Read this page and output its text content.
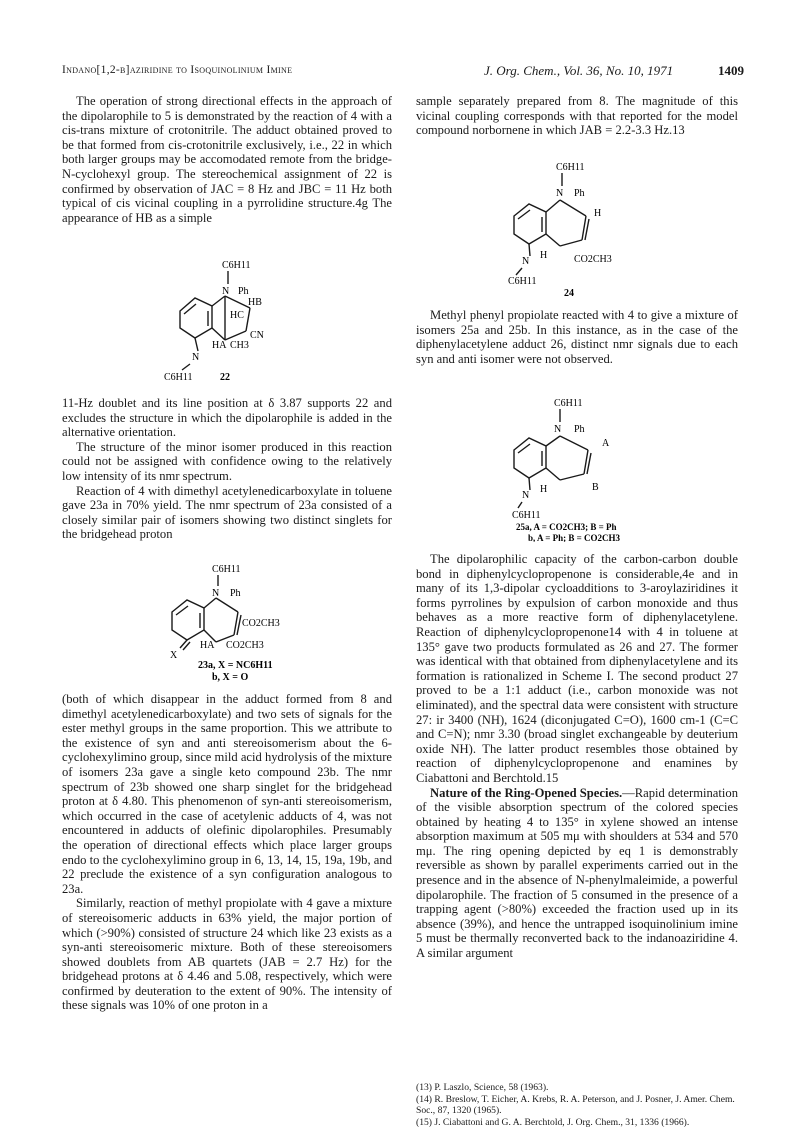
Indano[1,2-b]aziridine to Isoquinolinium Imine	J. Org. Chem., Vol. 36, No. 10, 1971	1409

The operation of strong directional effects in the approach of the dipolarophile to 5 is demonstrated by the reaction of 4 with a cis-trans mixture of crotonitrile. The adduct obtained proved to be that formed from cis-crotonitrile exclusively, i.e., 22 in which both larger groups may be accomodated remote from the bridge-N-cyclohexyl group. The stereochemical assignment of 22 is confirmed by observation of JAC = 8 Hz and JBC = 11 Hz both typical of cis vicinal coupling in a pyrrolidine structure.4g The appearance of HB as a simple

C6H11
N Ph
HB
HC
CN
HA CH3
N
C6H11	22

11-Hz doublet and its line position at δ 3.87 supports 22 and excludes the structure in which the dipolarophile is added in the alternative orientation.

The structure of the minor isomer produced in this reaction could not be assigned with confidence owing to the relatively low intensity of its nmr spectrum.

Reaction of 4 with dimethyl acetylenedicarboxylate in toluene gave 23a in 70% yield. The nmr spectrum of 23a consisted of a closely similar pair of isomers showing two distinct singlets for the bridgehead proton

C6H11
N Ph
CO2CH3
CO2CH3
X
HA
23a, X = NC6H11
b, X = O

(both of which disappear in the adduct formed from 8 and dimethyl acetylenedicarboxylate) and two sets of signals for the ester methyl groups in the same proportion. This we attribute to the existence of syn and anti stereoisomerism about the 6-cyclohexylimino group, since mild acid hydrolysis of the mixture of isomers 23a gave a single keto compound 23b. The nmr spectrum of 23b showed one sharp singlet for the bridgehead proton at δ 4.80. This phenomenon of syn-anti stereoisomerism, which occurred in the case of acetylenic adducts of 4, was not encountered in adducts of olefinic dipolarophiles. Presumably the operation of directional effects which place larger groups endo to the cyclohexylimino group in 6, 13, 14, 15, 19a, 19b, and 22 preclude the existence of a syn configuration analogous to 23a.

Similarly, reaction of methyl propiolate with 4 gave a mixture of stereoisomeric adducts in 63% yield, the major portion of which (>90%) consisted of structure 24 which like 23 exists as a syn-anti stereoisomeric mixture. Both of these stereoisomers showed doublets from AB quartets (JAB = 2.7 Hz) for the bridgehead protons at δ 4.46 and 5.08, respectively, which were confirmed by deuteration to the extent of 90%. The intensity of these signals was 10% of one proton in a

sample separately prepared from 8. The magnitude of this vicinal coupling corresponds with that reported for the model compound norbornene in which JAB = 2.2-3.3 Hz.13

C6H11
N Ph
H
CO2CH3
N
H
C6H11
24

Methyl phenyl propiolate reacted with 4 to give a mixture of isomers 25a and 25b. In this instance, as in the case of the diphenylacetylene adduct 26, distinct nmr signals due to each syn and anti isomer were not observed.

C6H11
N Ph
A
B
N
H
C6H11
25a, A = CO2CH3; B = Ph
b, A = Ph; B = CO2CH3

The dipolarophilic capacity of the carbon-carbon double bond in diphenylcyclopropenone is considerable,4e and in many of its 1,3-dipolar cycloadditions to 3-aroylaziridines it forms pyrrolines by expulsion of carbon monoxide and thus behaves as a more reactive form of diphenylacetylene. Reaction of diphenylcyclopropenone14 with 4 in toluene at 135° gave two products formulated as 26 and 27. The former was identical with that obtained from diphenylacetylene and its formation is rationalized in Scheme I. The second product 27 proved to be a 1:1 adduct (i.e., carbon monoxide was not eliminated), and the spectral data were consistent with structure 27: ir 3400 (NH), 1624 (diconjugated C=O), 1600 cm-1 (C=C and C=N); nmr 3.30 (broad singlet exchangeable by deuterium oxide NH). The latter product resembles those obtained by reaction of diphenylcyclopropenone and enamines by Ciabattoni and Berchtold.15

Nature of the Ring-Opened Species.—Rapid determination of the visible absorption spectrum of the colored species obtained by heating 4 to 135° in xylene showed an intense absorption maximum at 505 mμ with shoulders at 534 and 570 mμ. The ring opening depicted by eq 1 is demonstrably reversible as shown by parallel experiments carried out in the presence and in the absence of N-phenylmaleimide, a powerful dipolarophile. The fraction of 5 consumed in the presence of a trapping agent (>80%) exceeded the fraction used up in its absence (39%), and hence the untrapped isoquinolinium imine 5 must be thermally reconverted back to the indanoaziridine 4. A similar argument

(13) P. Laszlo, Science, 58 (1963).

(14) R. Breslow, T. Eicher, A. Krebs, R. A. Peterson, and J. Posner, J. Amer. Chem. Soc., 87, 1320 (1965).

(15) J. Ciabattoni and G. A. Berchtold, J. Org. Chem., 31, 1336 (1966).
